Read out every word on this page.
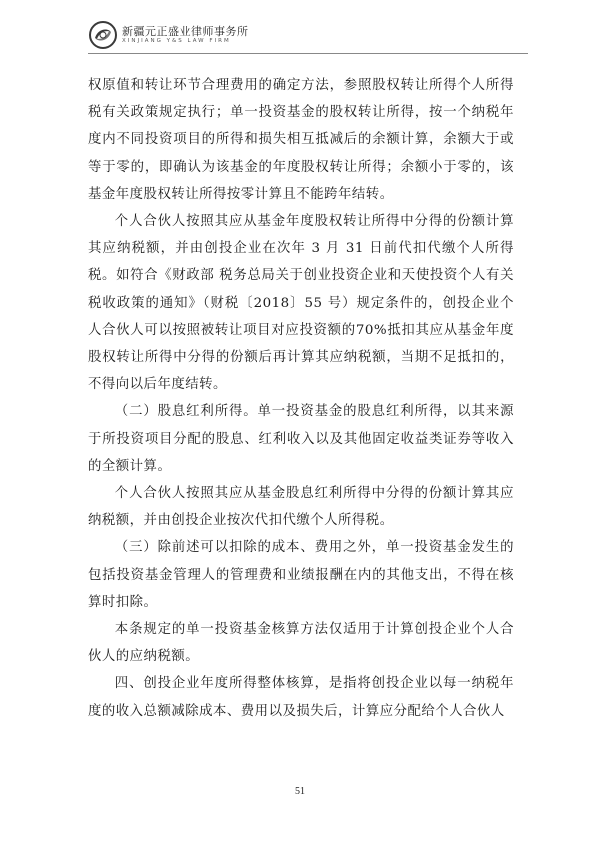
新疆元正盛业律师事务所
XINJIANG Y&S LAW FIRM

权原值和转让环节合理费用的确定方法，参照股权转让所得个人所得税有关政策规定执行；单一投资基金的股权转让所得，按一个纳税年度内不同投资项目的所得和损失相互抵减后的余额计算，余额大于或等于零的，即确认为该基金的年度股权转让所得；余额小于零的，该基金年度股权转让所得按零计算且不能跨年结转。

个人合伙人按照其应从基金年度股权转让所得中分得的份额计算其应纳税额，并由创投企业在次年 3 月 31 日前代扣代缴个人所得税。如符合《财政部 税务总局关于创业投资企业和天使投资个人有关税收政策的通知》（财税〔2018〕55 号）规定条件的，创投企业个人合伙人可以按照被转让项目对应投资额的70%抵扣其应从基金年度股权转让所得中分得的份额后再计算其应纳税额，当期不足抵扣的，不得向以后年度结转。

（二）股息红利所得。单一投资基金的股息红利所得，以其来源于所投资项目分配的股息、红利收入以及其他固定收益类证券等收入的全额计算。

个人合伙人按照其应从基金股息红利所得中分得的份额计算其应纳税额，并由创投企业按次代扣代缴个人所得税。

（三）除前述可以扣除的成本、费用之外，单一投资基金发生的包括投资基金管理人的管理费和业绩报酬在内的其他支出，不得在核算时扣除。

本条规定的单一投资基金核算方法仅适用于计算创投企业个人合伙人的应纳税额。

四、创投企业年度所得整体核算，是指将创投企业以每一纳税年度的收入总额减除成本、费用以及损失后，计算应分配给个人合伙人

51
